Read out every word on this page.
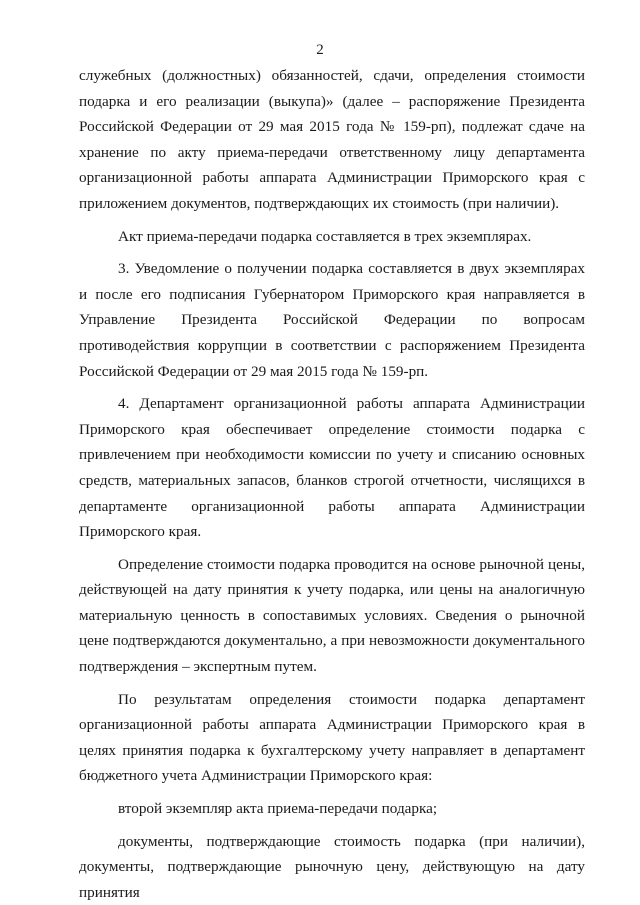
2

служебных (должностных) обязанностей, сдачи, определения стоимости подарка и его реализации (выкупа)» (далее – распоряжение Президента Российской Федерации от 29 мая 2015 года № 159-рп), подлежат сдаче на хранение по акту приема-передачи ответственному лицу департамента организационной работы аппарата Администрации Приморского края с приложением документов, подтверждающих их стоимость (при наличии).

Акт приема-передачи подарка составляется в трех экземплярах.

3. Уведомление о получении подарка составляется в двух экземплярах и после его подписания Губернатором Приморского края направляется в Управление Президента Российской Федерации по вопросам противодействия коррупции в соответствии с распоряжением Президента Российской Федерации от 29 мая 2015 года № 159-рп.

4. Департамент организационной работы аппарата Администрации Приморского края обеспечивает определение стоимости подарка с привлечением при необходимости комиссии по учету и списанию основных средств, материальных запасов, бланков строгой отчетности, числящихся в департаменте организационной работы аппарата Администрации Приморского края.

Определение стоимости подарка проводится на основе рыночной цены, действующей на дату принятия к учету подарка, или цены на аналогичную материальную ценность в сопоставимых условиях. Сведения о рыночной цене подтверждаются документально, а при невозможности документального подтверждения – экспертным путем.

По результатам определения стоимости подарка департамент организационной работы аппарата Администрации Приморского края в целях принятия подарка к бухгалтерскому учету направляет в департамент бюджетного учета Администрации Приморского края:

второй экземпляр акта приема-передачи подарка;

документы, подтверждающие стоимость подарка (при наличии), документы, подтверждающие рыночную цену, действующую на дату принятия
